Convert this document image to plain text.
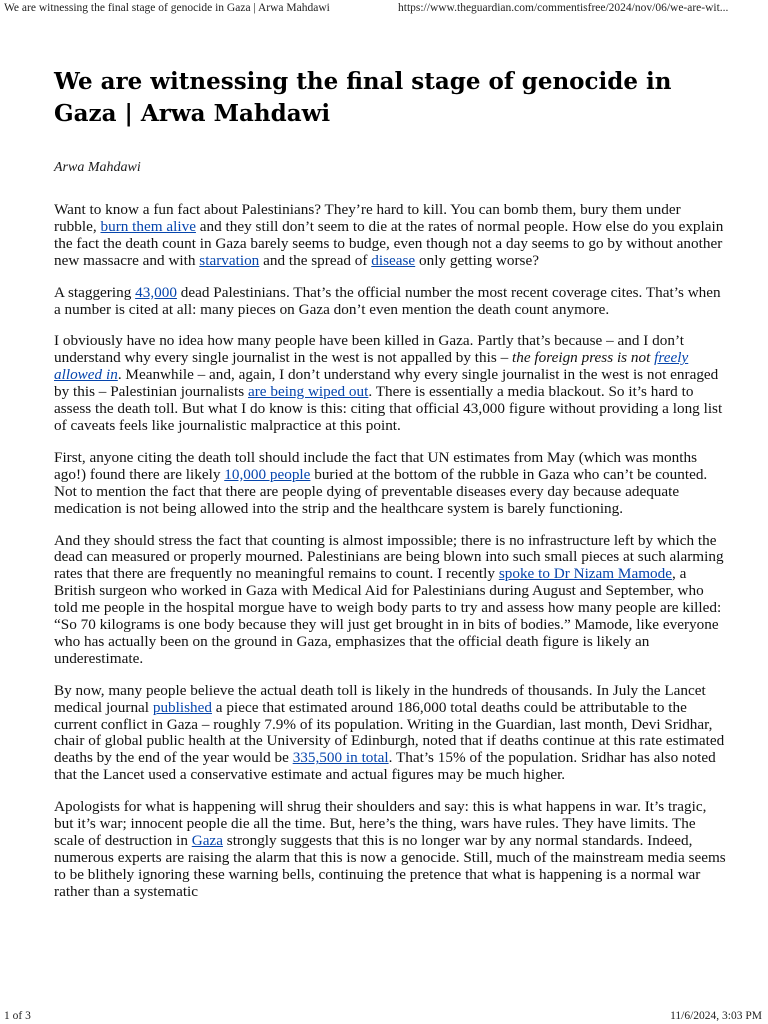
We are witnessing the final stage of genocide in Gaza | Arwa Mahdawi	https://www.theguardian.com/commentisfree/2024/nov/06/we-are-wit...
We are witnessing the final stage of genocide in Gaza | Arwa Mahdawi
Arwa Mahdawi

Want to know a fun fact about Palestinians? They’re hard to kill. You can bomb them, bury them under rubble, burn them alive and they still don’t seem to die at the rates of normal people. How else do you explain the fact the death count in Gaza barely seems to budge, even though not a day seems to go by without another new massacre and with starvation and the spread of disease only getting worse?

A staggering 43,000 dead Palestinians. That’s the official number the most recent coverage cites. That’s when a number is cited at all: many pieces on Gaza don’t even mention the death count anymore.

I obviously have no idea how many people have been killed in Gaza. Partly that’s because – and I don’t understand why every single journalist in the west is not appalled by this – the foreign press is not freely allowed in. Meanwhile – and, again, I don’t understand why every single journalist in the west is not enraged by this – Palestinian journalists are being wiped out. There is essentially a media blackout. So it’s hard to assess the death toll. But what I do know is this: citing that official 43,000 figure without providing a long list of caveats feels like journalistic malpractice at this point.

First, anyone citing the death toll should include the fact that UN estimates from May (which was months ago!) found there are likely 10,000 people buried at the bottom of the rubble in Gaza who can’t be counted. Not to mention the fact that there are people dying of preventable diseases every day because adequate medication is not being allowed into the strip and the healthcare system is barely functioning.

And they should stress the fact that counting is almost impossible; there is no infrastructure left by which the dead can measured or properly mourned. Palestinians are being blown into such small pieces at such alarming rates that there are frequently no meaningful remains to count. I recently spoke to Dr Nizam Mamode, a British surgeon who worked in Gaza with Medical Aid for Palestinians during August and September, who told me people in the hospital morgue have to weigh body parts to try and assess how many people are killed: “So 70 kilograms is one body because they will just get brought in in bits of bodies.” Mamode, like everyone who has actually been on the ground in Gaza, emphasizes that the official death figure is likely an underestimate.

By now, many people believe the actual death toll is likely in the hundreds of thousands. In July the Lancet medical journal published a piece that estimated around 186,000 total deaths could be attributable to the current conflict in Gaza – roughly 7.9% of its population. Writing in the Guardian, last month, Devi Sridhar, chair of global public health at the University of Edinburgh, noted that if deaths continue at this rate estimated deaths by the end of the year would be 335,500 in total. That’s 15% of the population. Sridhar has also noted that the Lancet used a conservative estimate and actual figures may be much higher.

Apologists for what is happening will shrug their shoulders and say: this is what happens in war. It’s tragic, but it’s war; innocent people die all the time. But, here’s the thing, wars have rules. They have limits. The scale of destruction in Gaza strongly suggests that this is no longer war by any normal standards. Indeed, numerous experts are raising the alarm that this is now a genocide. Still, much of the mainstream media seems to be blithely ignoring these warning bells, continuing the pretence that what is happening is a normal war rather than a systematic

1 of 3	11/6/2024, 3:03 PM
